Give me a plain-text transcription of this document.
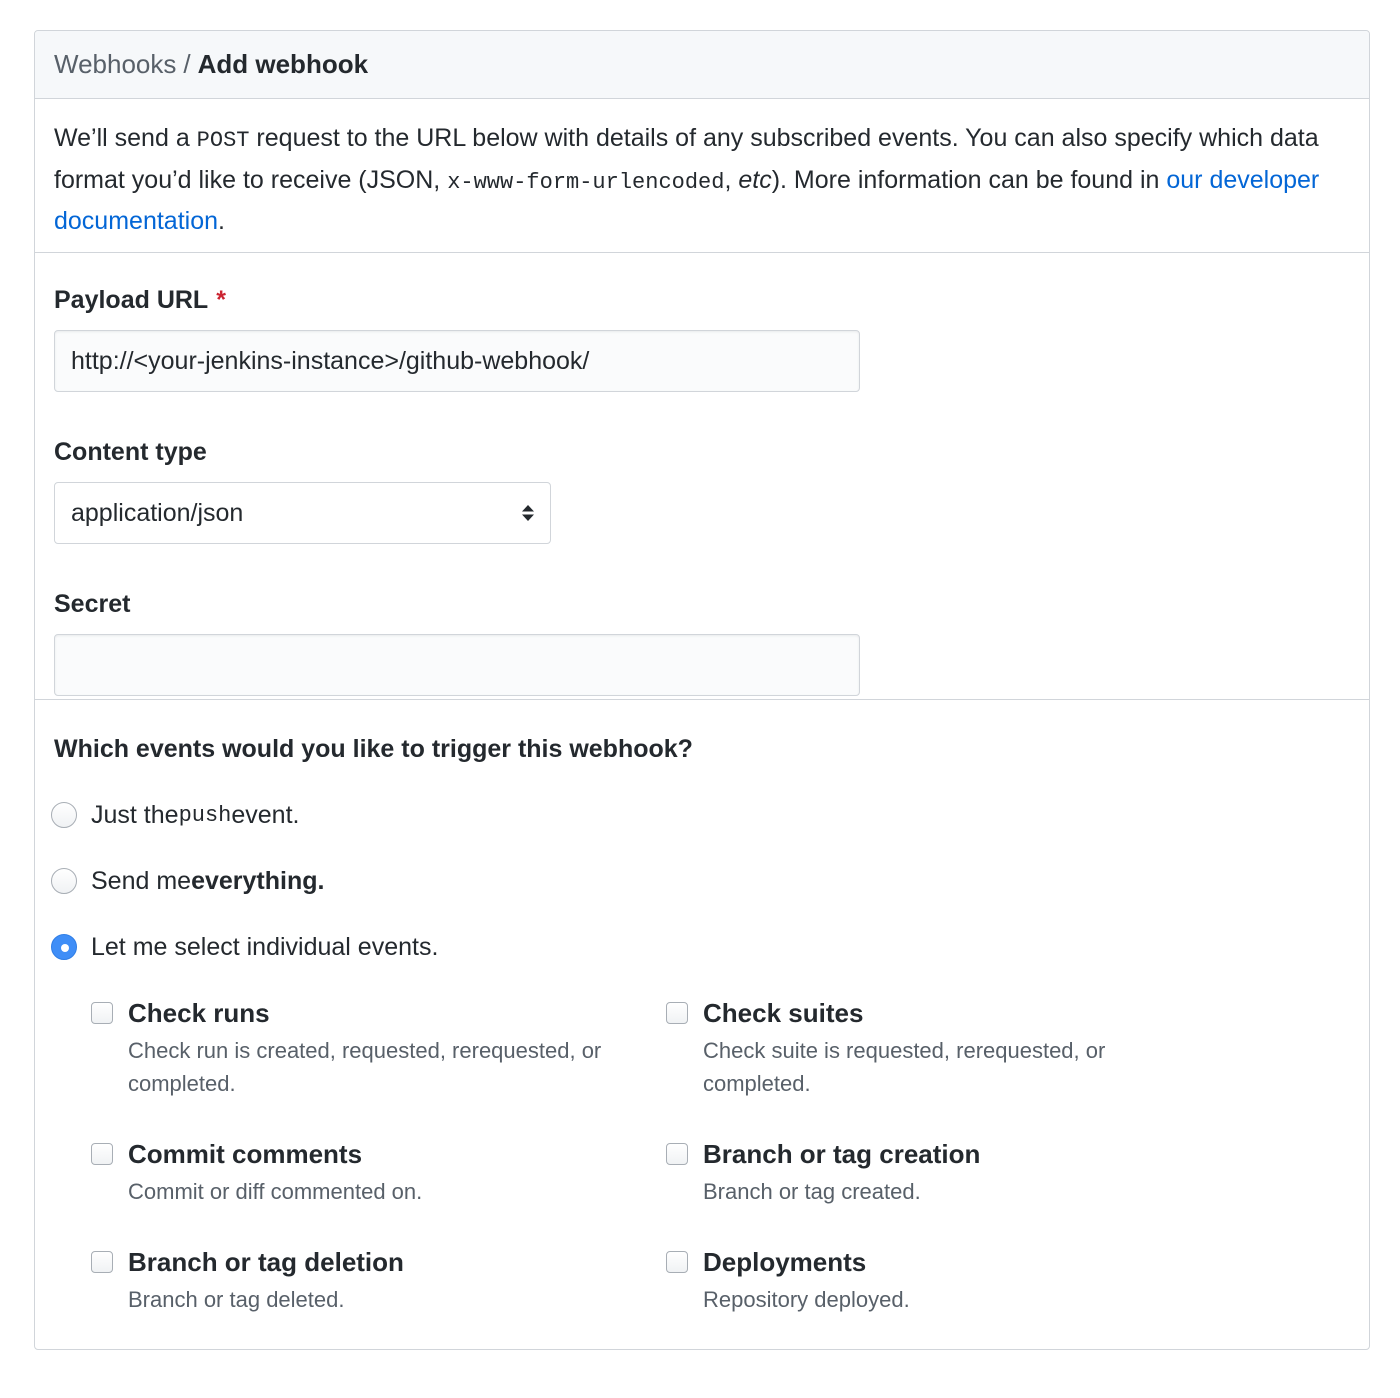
Webhooks / Add webhook
We’ll send a POST request to the URL below with details of any subscribed events. You can also specify which data format you’d like to receive (JSON, x-www-form-urlencoded, etc). More information can be found in our developer documentation.
Payload URL *
http://<your-jenkins-instance>/github-webhook/
Content type
application/json
Secret
Which events would you like to trigger this webhook?
Just the push event.
Send me everything.
Let me select individual events.
Check runs
Check run is created, requested, rerequested, or completed.
Check suites
Check suite is requested, rerequested, or completed.
Commit comments
Commit or diff commented on.
Branch or tag creation
Branch or tag created.
Branch or tag deletion
Branch or tag deleted.
Deployments
Repository deployed.
